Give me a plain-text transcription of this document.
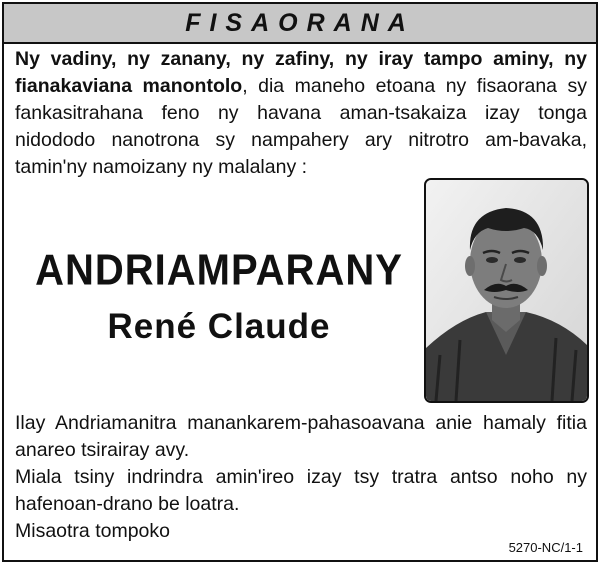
FISAORANA
Ny vadiny, ny zanany, ny zafiny, ny iray tampo aminy, ny fianakaviana manontolo, dia maneho etoana ny fisaorana sy fankasitrahana feno ny havana aman-tsakaiza izay tonga nidododo nanotrona sy nampahery ary nitrotro am-bavaka, tamin'ny namoizany ny malalany :
ANDRIAMPARANY
René Claude

Ilay Andriamanitra manankarem-pahasoavana anie hamaly fitia anareo tsirairay avy.

Miala tsiny indrindra amin'ireo izay tsy tratra antso noho ny hafenoan-drano be loatra.

Misaotra tompoko

5270-NC/1-1
